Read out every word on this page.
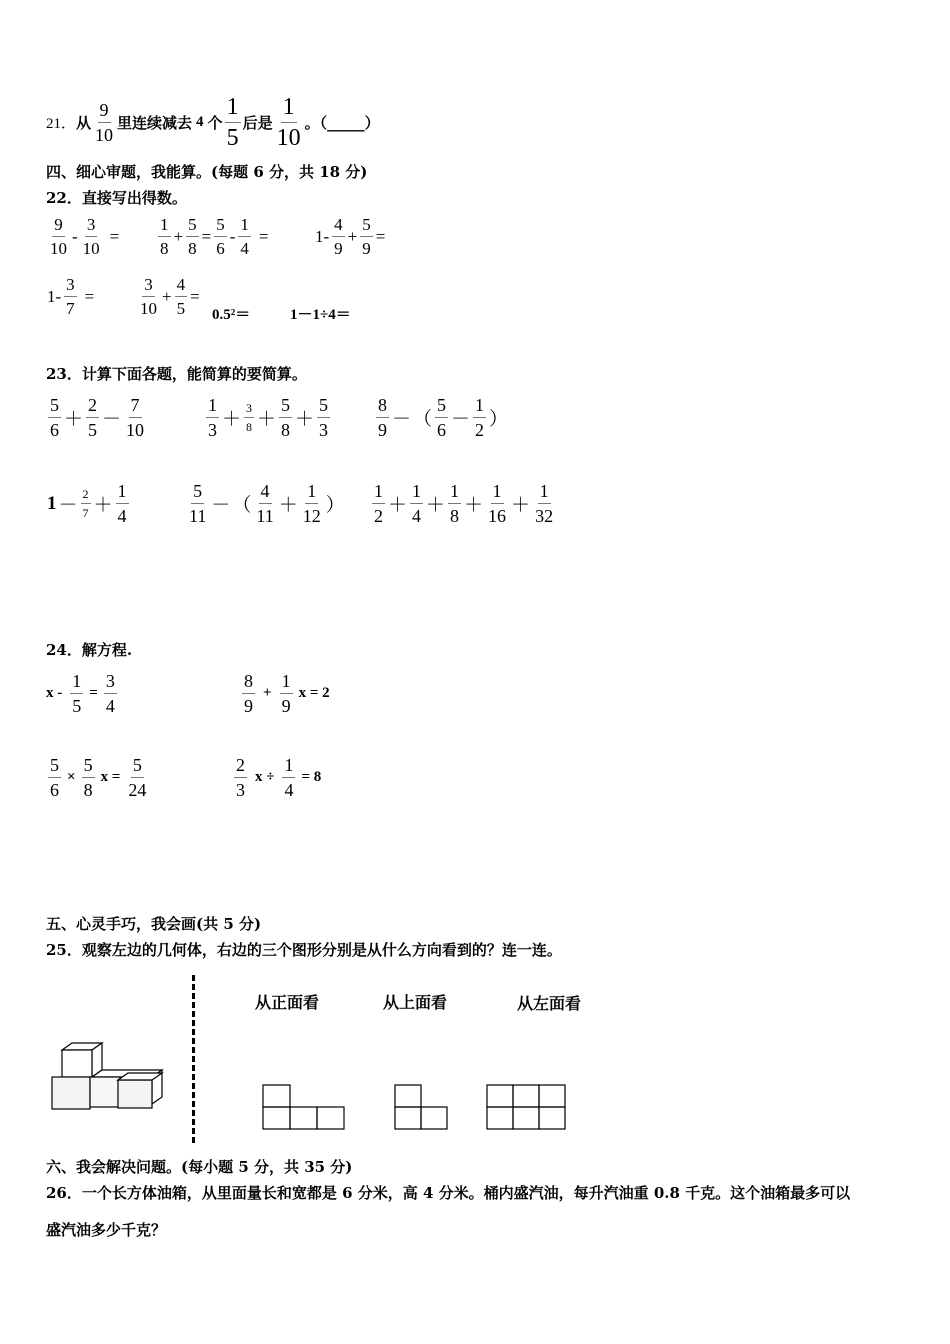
21． 从 $\frac{9}{10}$ 里连续减去 4 个 $\frac{1}{5}$ 后是 $\frac{1}{10}$ 。（_____）
四、细心审题，我能算。(每题 6 分，共 18 分)
22．直接写出得数。
$\frac{9}{10} - \frac{3}{10} = \frac{1}{8} + \frac{5}{8} = \frac{5}{6} - \frac{1}{4}$ =	$1- \frac{4}{9} + \frac{5}{9}$ =
$1- \frac{3}{7}$ =	$\frac{3}{10} + \frac{4}{5}$ =
0.5²＝	1－1÷4＝
23．计算下面各题，能简算的要简算。
$\frac{5}{6} + \frac{2}{5} - \frac{7}{10}$	$\frac{1}{3} + \frac{3}{8} + \frac{5}{8} + \frac{5}{3}$	$\frac{8}{9}$ － （ $\frac{5}{6} - \frac{1}{2}$ ）
$1 - \frac{2}{7} + \frac{1}{4}$	$\frac{5}{11}$ － （ $\frac{4}{11} + \frac{1}{12}$ ） $\frac{1}{2} + \frac{1}{4} + \frac{1}{8} + \frac{1}{16} + \frac{1}{32}$
24．解方程.
$x - \frac{1}{5} = \frac{3}{4}$	$\frac{8}{9} + \frac{1}{9}$ x = 2
$\frac{5}{6} \times \frac{5}{8}$ $x = \frac{5}{24}$	$\frac{2}{3}$ $x \div \frac{1}{4} = 8$
五、心灵手巧，我会画(共 5 分)
25．观察左边的几何体，右边的三个图形分别是从什么方向看到的？连一连。
从正面看	从上面看	从左面看
六、我会解决问题。(每小题 5 分，共 35 分)
26．一个长方体油箱，从里面量长和宽都是 6 分米，高 4 分米。桶内盛汽油，每升汽油重 0.8 千克。这个油箱最多可以
盛汽油多少千克？
